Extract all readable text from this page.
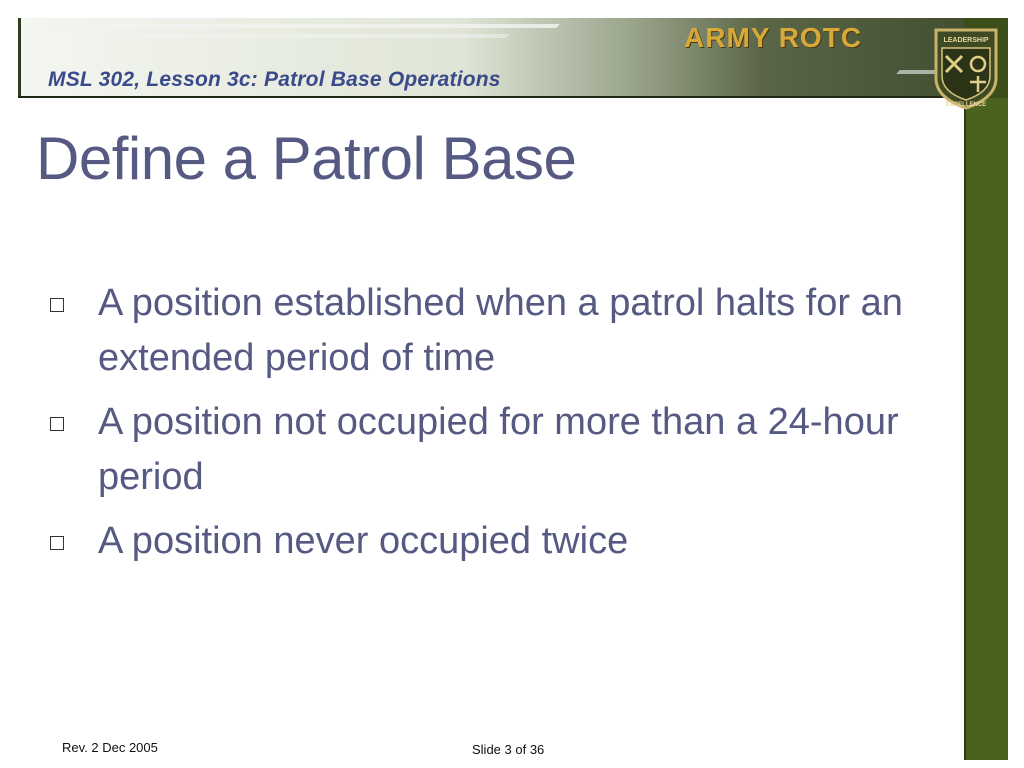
MSL 302, Lesson 3c: Patrol Base Operations
ARMY ROTC	LEADERSHIP
EXCELLENCE
Define a Patrol Base
A position established when a patrol halts for an extended period of time
A position not occupied for more than a 24-hour period
A position never occupied twice
Rev. 2 Dec 2005	Slide 3 of 36
